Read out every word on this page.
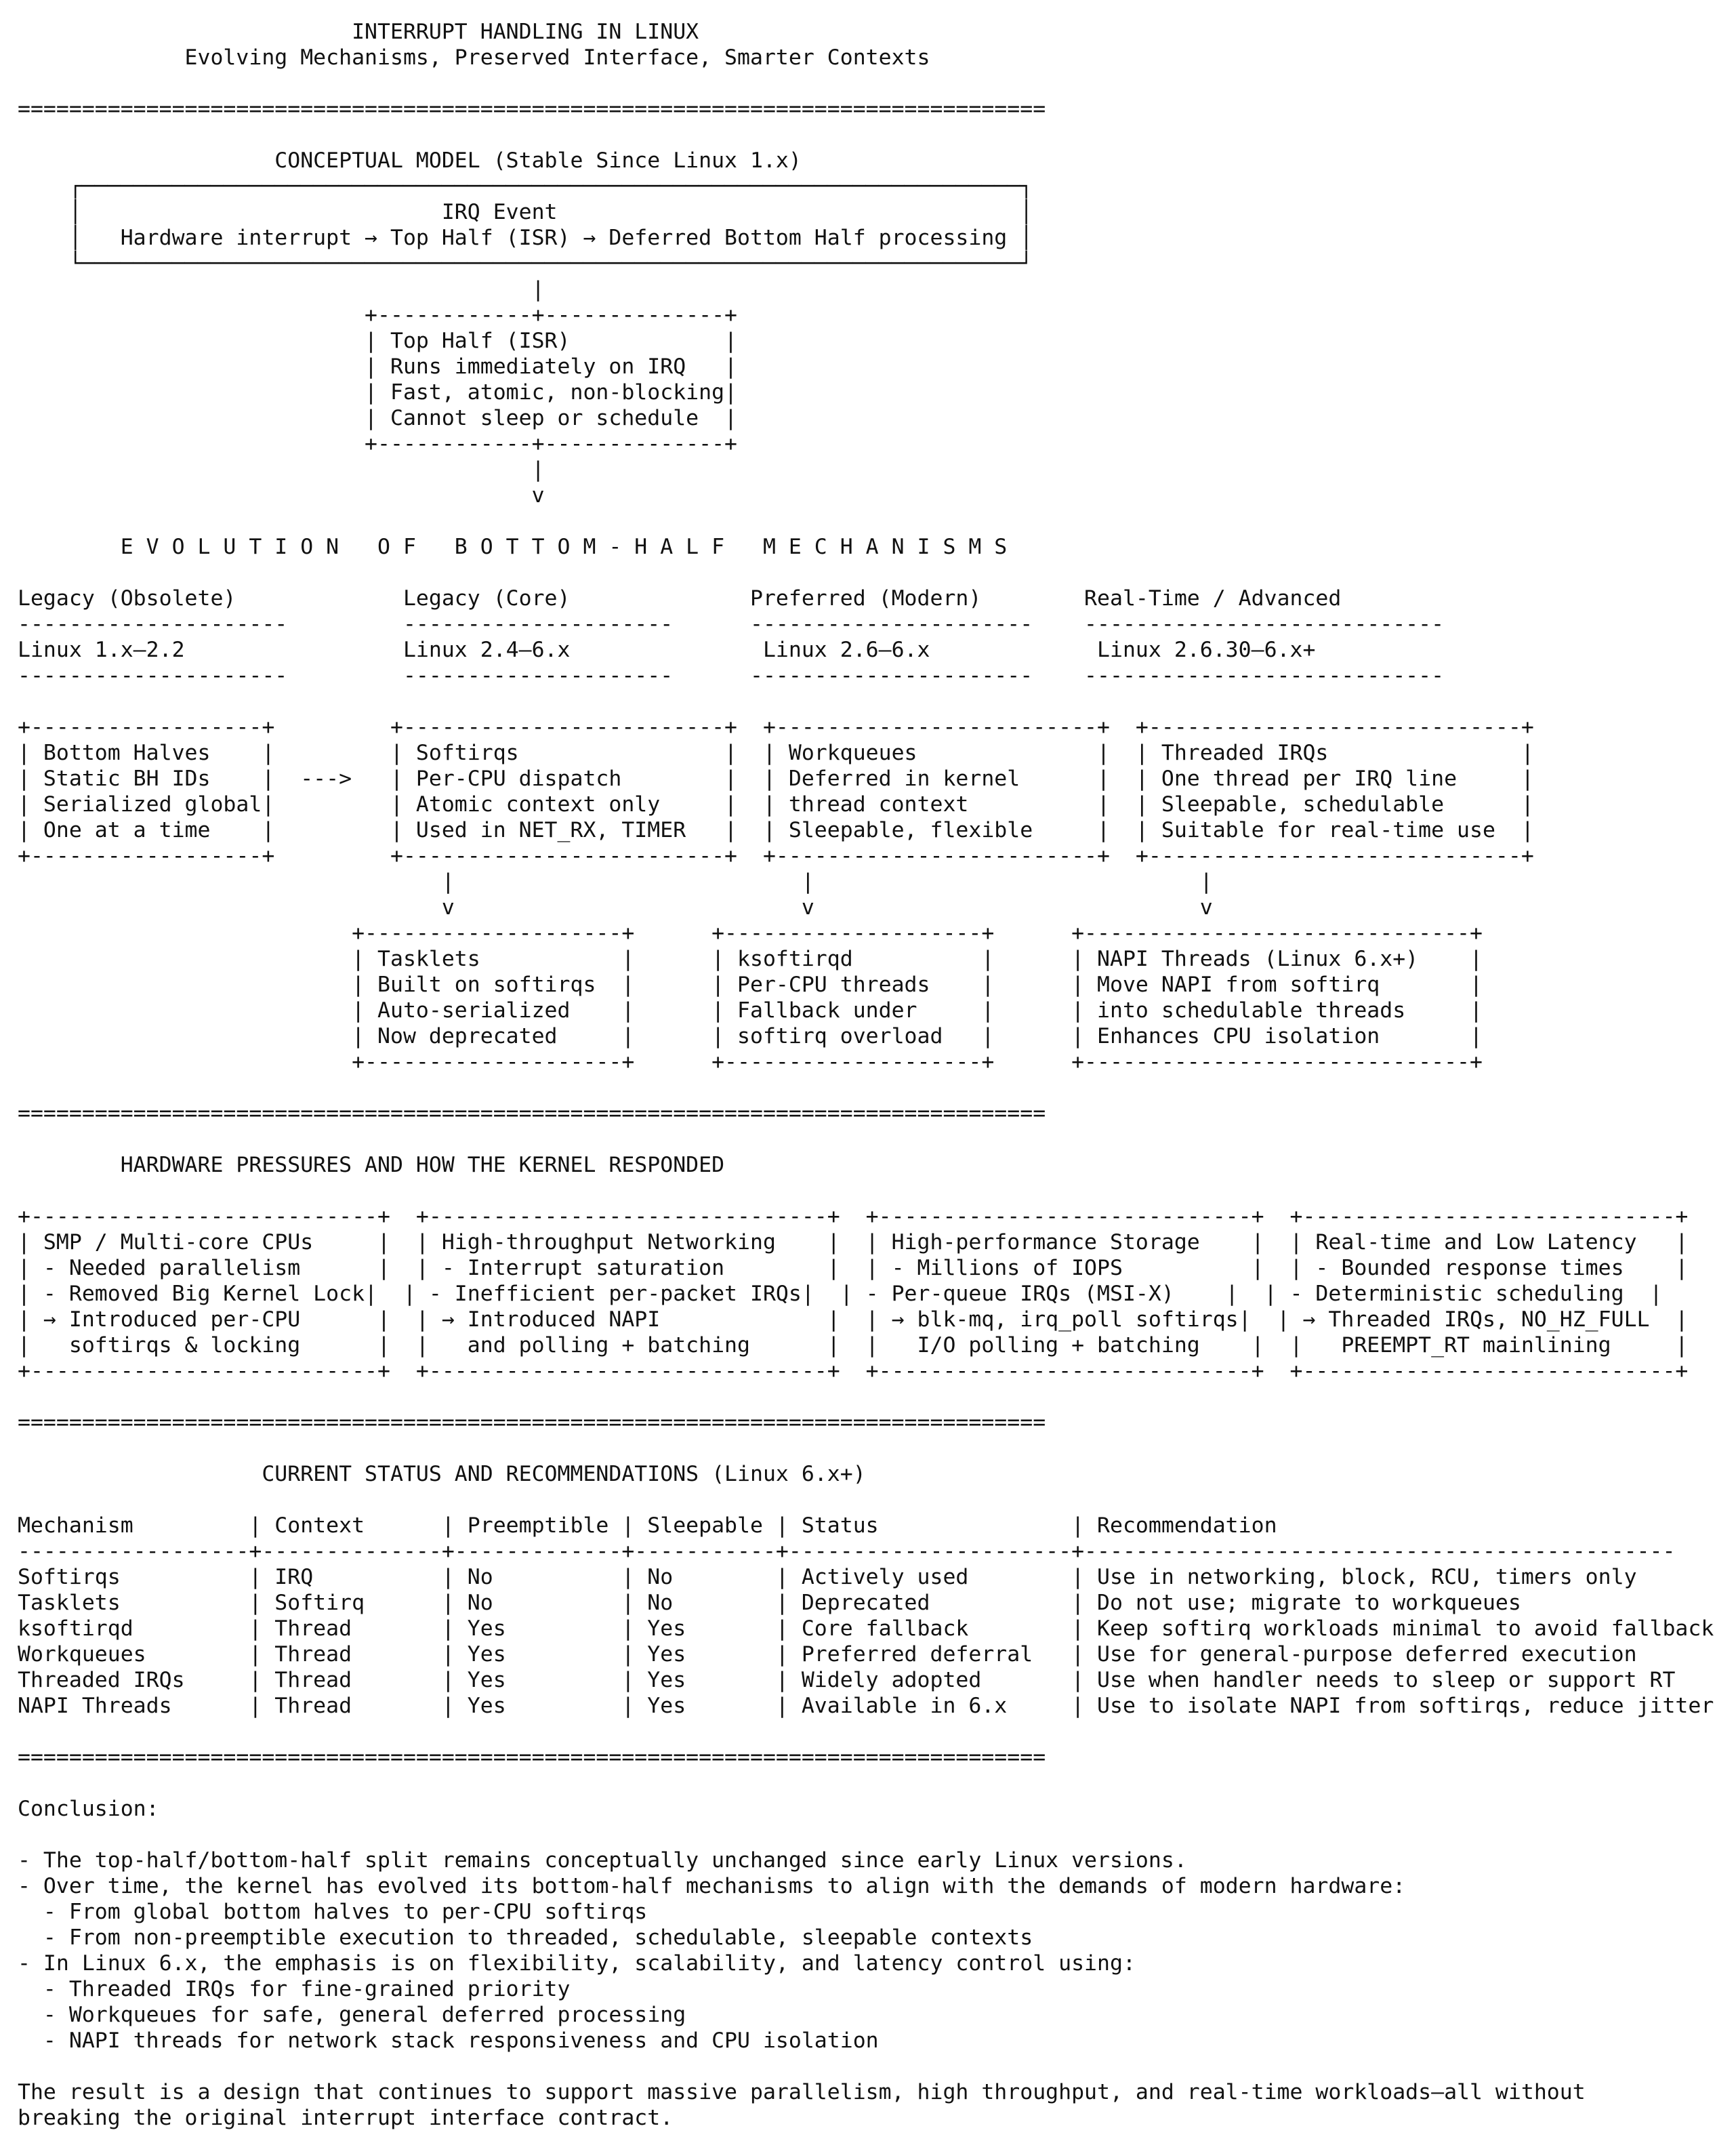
INTERRUPT HANDLING IN LINUX
Evolving Mechanisms, Preserved Interface, Smarter Contexts
================================================================================
CONCEPTUAL MODEL (Stable Since Linux 1.x)
┌─────────────────────────────────────────────────────────────────────────┐
│                            IRQ Event                                    │
│   Hardware interrupt → Top Half (ISR) → Deferred Bottom Half processing │
└─────────────────────────────────────────────────────────────────────────┘
|
+------------+--------------+
| Top Half (ISR)            |
| Runs immediately on IRQ   |
| Fast, atomic, non-blocking|
| Cannot sleep or schedule  |
+------------+--------------+
|
v
E V O L U T I O N   O F   B O T T O M - H A L F   M E C H A N I S M S
Legacy (Obsolete)             Legacy (Core)              Preferred (Modern)        Real-Time / Advanced
---------------------         ---------------------      ----------------------    ----------------------------
Linux 1.x–2.2                 Linux 2.4–6.x               Linux 2.6–6.x             Linux 2.6.30–6.x+
---------------------         ---------------------      ----------------------    ----------------------------
+------------------+         +-------------------------+  +-------------------------+  +-----------------------------+
| Bottom Halves    |         | Softirqs                |  | Workqueues              |  | Threaded IRQs               |
| Static BH IDs    |  --->   | Per-CPU dispatch        |  | Deferred in kernel      |  | One thread per IRQ line     |
| Serialized global|         | Atomic context only     |  | thread context          |  | Sleepable, schedulable      |
| One at a time    |         | Used in NET_RX, TIMER   |  | Sleepable, flexible     |  | Suitable for real-time use  |
+------------------+         +-------------------------+  +-------------------------+  +-----------------------------+
|                           |                              |
v                           v                              v
+--------------------+      +--------------------+      +------------------------------+
| Tasklets           |      | ksoftirqd          |      | NAPI Threads (Linux 6.x+)    |
| Built on softirqs  |      | Per-CPU threads    |      | Move NAPI from softirq       |
| Auto-serialized    |      | Fallback under     |      | into schedulable threads     |
| Now deprecated     |      | softirq overload   |      | Enhances CPU isolation       |
+--------------------+      +--------------------+      +------------------------------+
================================================================================
HARDWARE PRESSURES AND HOW THE KERNEL RESPONDED
+---------------------------+  +-------------------------------+  +-----------------------------+  +-----------------------------+
| SMP / Multi-core CPUs     |  | High-throughput Networking    |  | High-performance Storage    |  | Real-time and Low Latency   |
| - Needed parallelism      |  | - Interrupt saturation        |  | - Millions of IOPS          |  | - Bounded response times    |
| - Removed Big Kernel Lock|  | - Inefficient per-packet IRQs|  | - Per-queue IRQs (MSI-X)    |  | - Deterministic scheduling  |
| → Introduced per-CPU      |  | → Introduced NAPI             |  | → blk-mq, irq_poll softirqs|  | → Threaded IRQs, NO_HZ_FULL  |
|   softirqs & locking      |  |   and polling + batching      |  |   I/O polling + batching    |  |   PREEMPT_RT mainlining     |
+---------------------------+  +-------------------------------+  +-----------------------------+  +-----------------------------+
================================================================================
CURRENT STATUS AND RECOMMENDATIONS (Linux 6.x+)
Mechanism         | Context      | Preemptible | Sleepable | Status               | Recommendation
------------------+--------------+-------------+-----------+----------------------+----------------------------------------------
Softirqs          | IRQ          | No          | No        | Actively used        | Use in networking, block, RCU, timers only
Tasklets          | Softirq      | No          | No        | Deprecated           | Do not use; migrate to workqueues
ksoftirqd         | Thread       | Yes         | Yes       | Core fallback        | Keep softirq workloads minimal to avoid fallback
Workqueues        | Thread       | Yes         | Yes       | Preferred deferral   | Use for general-purpose deferred execution
Threaded IRQs     | Thread       | Yes         | Yes       | Widely adopted       | Use when handler needs to sleep or support RT
NAPI Threads      | Thread       | Yes         | Yes       | Available in 6.x     | Use to isolate NAPI from softirqs, reduce jitter
================================================================================
Conclusion:
- The top-half/bottom-half split remains conceptually unchanged since early Linux versions.
- Over time, the kernel has evolved its bottom-half mechanisms to align with the demands of modern hardware:
- From global bottom halves to per-CPU softirqs
- From non-preemptible execution to threaded, schedulable, sleepable contexts
- In Linux 6.x, the emphasis is on flexibility, scalability, and latency control using:
- Threaded IRQs for fine-grained priority
- Workqueues for safe, general deferred processing
- NAPI threads for network stack responsiveness and CPU isolation
The result is a design that continues to support massive parallelism, high throughput, and real-time workloads—all without
breaking the original interrupt interface contract.
